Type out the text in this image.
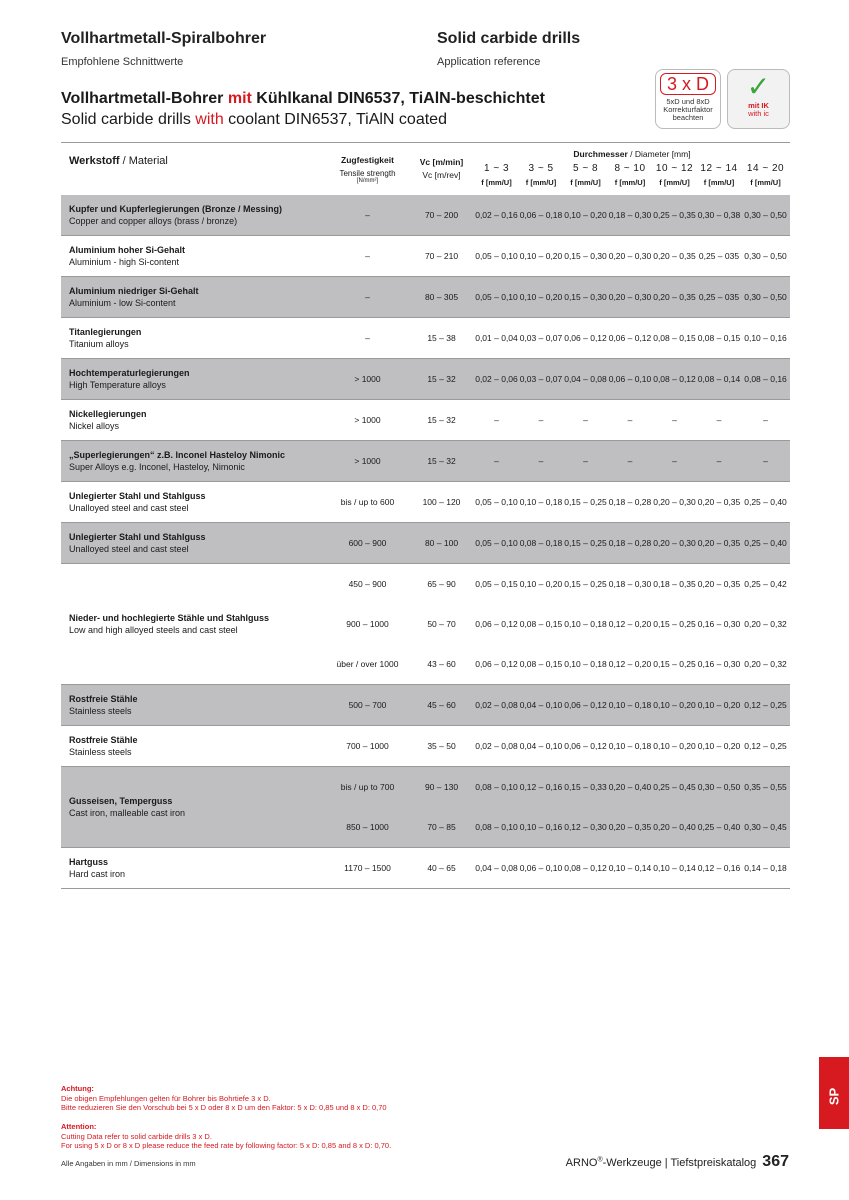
Vollhartmetall-Spiralbohrer	Solid carbide drills
Empfohlene Schnittwerte	Application reference
Vollhartmetall-Bohrer mit Kühlkanal DIN6537, TiAlN-beschichtet
Solid carbide drills with coolant DIN6537, TiAlN coated
3 x D
5xD und 8xD
Korrekturfaktor
beachten
✓
mit IK
with ic
Werkstoff / Material	Zugfestigkeit
Tensile strength
[N/mm²]	Vc [m/min]
Vc [m/rev]	Durchmesser / Diameter [mm]						
			1 ~ 3	3 ~ 5	5 ~ 8	8 ~ 10	10 ~ 12	12 ~ 14	14 ~ 20
			f [mm/U]	f [mm/U]	f [mm/U]	f [mm/U]	f [mm/U]	f [mm/U]	f [mm/U]

Kupfer und Kupferlegierungen (Bronze / Messing)
Copper and copper alloys (brass / bronze)	–	70 – 200	0,02 – 0,16	0,06 – 0,18	0,10 – 0,20	0,18 – 0,30	0,25 – 0,35	0,30 – 0,38	0,30 – 0,50

Aluminium hoher Si-Gehalt
Aluminium - high Si-content	–	70 – 210	0,05 – 0,10	0,10 – 0,20	0,15 – 0,30	0,20 – 0,30	0,20 – 0,35	0,25 – 035	0,30 – 0,50

Aluminium niedriger Si-Gehalt
Aluminium - low Si-content	–	80 – 305	0,05 – 0,10	0,10 – 0,20	0,15 – 0,30	0,20 – 0,30	0,20 – 0,35	0,25 – 035	0,30 – 0,50

Titanlegierungen
Titanium alloys	–	15 – 38	0,01 – 0,04	0,03 – 0,07	0,06 – 0,12	0,06 – 0,12	0,08 – 0,15	0,08 – 0,15	0,10 – 0,16

Hochtemperaturlegierungen
High Temperature alloys	> 1000	15 – 32	0,02 – 0,06	0,03 – 0,07	0,04 – 0,08	0,06 – 0,10	0,08 – 0,12	0,08 – 0,14	0,08 – 0,16

Nickellegierungen
Nickel alloys	> 1000	15 – 32	–	–	–	–	–	–	–

„Superlegierungen“ z.B. Inconel Hasteloy Nimonic
Super Alloys e.g. Inconel, Hasteloy, Nimonic	> 1000	15 – 32	–	–	–	–	–	–	–

Unlegierter Stahl und Stahlguss
Unalloyed steel and cast steel	bis / up to 600	100 – 120	0,05 – 0,10	0,10 – 0,18	0,15 – 0,25	0,18 – 0,28	0,20 – 0,30	0,20 – 0,35	0,25 – 0,40

Unlegierter Stahl und Stahlguss
Unalloyed steel and cast steel	600 – 900	80 – 100	0,05 – 0,10	0,08 – 0,18	0,15 – 0,25	0,18 – 0,28	0,20 – 0,30	0,20 – 0,35	0,25 – 0,40

Nieder- und hochlegierte Stähle und Stahlguss
Low and high alloyed steels and cast steel	450 – 900	65 – 90	0,05 – 0,15	0,10 – 0,20	0,15 – 0,25	0,18 – 0,30	0,18 – 0,35	0,20 – 0,35	0,25 – 0,42
	900 – 1000	50 – 70	0,06 – 0,12	0,08 – 0,15	0,10 – 0,18	0,12 – 0,20	0,15 – 0,25	0,16 – 0,30	0,20 – 0,32
	über / over 1000	43 – 60	0,06 – 0,12	0,08 – 0,15	0,10 – 0,18	0,12 – 0,20	0,15 – 0,25	0,16 – 0,30	0,20 – 0,32

Rostfreie Stähle
Stainless steels	500 – 700	45 – 60	0,02 – 0,08	0,04 – 0,10	0,06 – 0,12	0,10 – 0,18	0,10 – 0,20	0,10 – 0,20	0,12 – 0,25

Rostfreie Stähle
Stainless steels	700 – 1000	35 – 50	0,02 – 0,08	0,04 – 0,10	0,06 – 0,12	0,10 – 0,18	0,10 – 0,20	0,10 – 0,20	0,12 – 0,25

Gusseisen, Temperguss
Cast iron, malleable cast iron	bis / up to 700	90 – 130	0,08 – 0,10	0,12 – 0,16	0,15 – 0,33	0,20 – 0,40	0,25 – 0,45	0,30 – 0,50	0,35 – 0,55
	850 – 1000	70 – 85	0,08 – 0,10	0,10 – 0,16	0,12 – 0,30	0,20 – 0,35	0,20 – 0,40	0,25 – 0,40	0,30 – 0,45

Hartguss
Hard cast iron	1170 – 1500	40 – 65	0,04 – 0,08	0,06 – 0,10	0,08 – 0,12	0,10 – 0,14	0,10 – 0,14	0,12 – 0,16	0,14 – 0,18
SP
Achtung:
Die obigen Empfehlungen gelten für Bohrer bis Bohrtiefe 3 x D.
Bitte reduzieren Sie den Vorschub bei 5 x D oder 8 x D um den Faktor: 5 x D: 0,85 und 8 x D: 0,70
Attention:
Cutting Data refer to solid carbide drills 3 x D.
For using 5 x D or 8 x D please reduce the feed rate by following factor: 5 x D: 0,85 and 8 x D: 0,70.
Alle Angaben in mm / Dimensions in mm	ARNO®-Werkzeuge | Tiefstpreiskatalog 367
